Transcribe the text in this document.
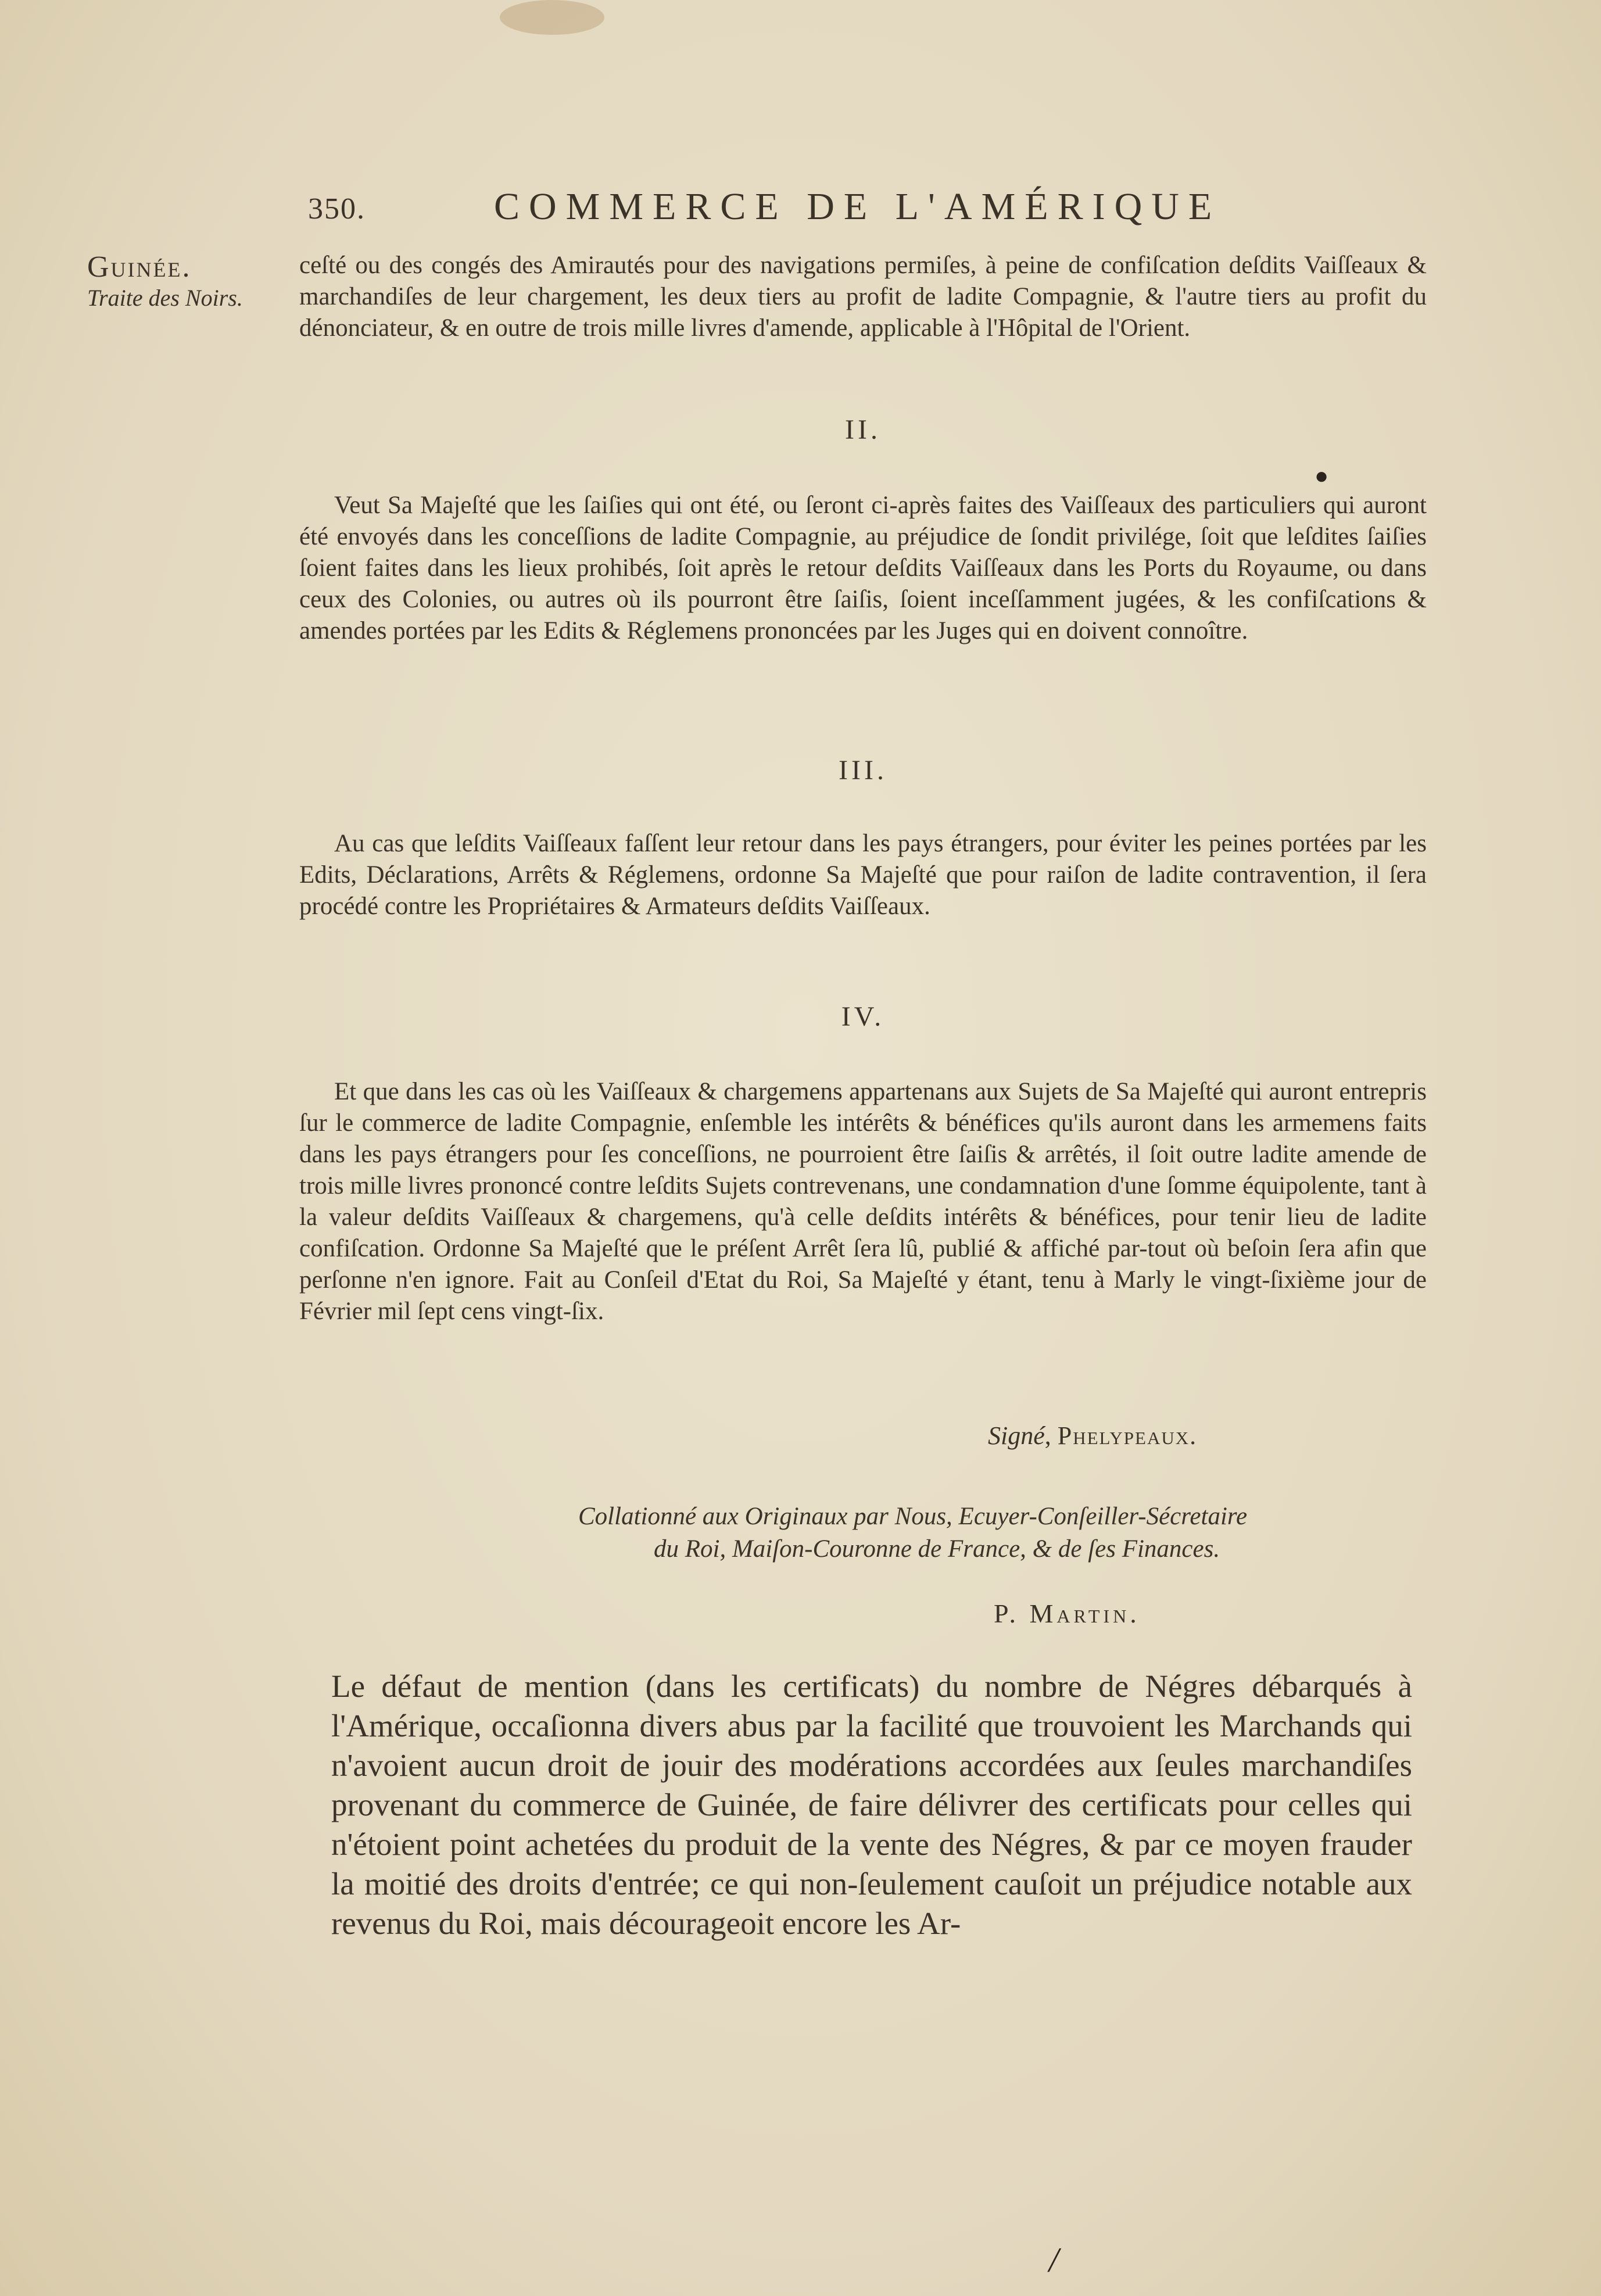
350.	COMMERCE DE L'AMÉRIQUE
Guinée.
Traite des Noirs.
ceſté ou des congés des Amirautés pour des navigations permiſes, à peine de confiſcation deſdits Vaiſſeaux & marchandiſes de leur chargement, les deux tiers au profit de ladite Compagnie, & l'autre tiers au profit du dénonciateur, & en outre de trois mille livres d'amende, applicable à l'Hôpital de l'Orient.
II.
●
Veut Sa Majeſté que les ſaiſies qui ont été, ou ſeront ci-après faites des Vaiſſeaux des particuliers qui auront été envoyés dans les conceſſions de ladite Compagnie, au préjudice de ſondit privilége, ſoit que leſdites ſaiſies ſoient faites dans les lieux prohibés, ſoit après le retour deſdits Vaiſſeaux dans les Ports du Royaume, ou dans ceux des Colonies, ou autres où ils pourront être ſaiſis, ſoient inceſſamment jugées, & les confiſcations & amendes portées par les Edits & Réglemens prononcées par les Juges qui en doivent connoître.
III.
Au cas que leſdits Vaiſſeaux faſſent leur retour dans les pays étrangers, pour éviter les peines portées par les Edits, Déclarations, Arrêts & Réglemens, ordonne Sa Majeſté que pour raiſon de ladite contravention, il ſera procédé contre les Propriétaires & Armateurs deſdits Vaiſſeaux.
IV.
Et que dans les cas où les Vaiſſeaux & chargemens appartenans aux Sujets de Sa Majeſté qui auront entrepris ſur le commerce de ladite Compagnie, enſemble les intérêts & bénéfices qu'ils auront dans les armemens faits dans les pays étrangers pour ſes conceſſions, ne pourroient être ſaiſis & arrêtés, il ſoit outre ladite amende de trois mille livres prononcé contre leſdits Sujets contrevenans, une condamnation d'une ſomme équipolente, tant à la valeur deſdits Vaiſſeaux & chargemens, qu'à celle deſdits intérêts & bénéfices, pour tenir lieu de ladite confiſcation. Ordonne Sa Majeſté que le préſent Arrêt ſera lû, publié & affiché par-tout où beſoin ſera afin que perſonne n'en ignore. Fait au Conſeil d'Etat du Roi, Sa Majeſté y étant, tenu à Marly le vingt-ſixième jour de Février mil ſept cens vingt-ſix.
Signé, Phelypeaux.
Collationné aux Originaux par Nous, Ecuyer-Conſeiller-Sécretaire
du Roi, Maiſon-Couronne de France, & de ſes Finances.
P. Martin.
Le défaut de mention (dans les certificats) du nombre de Négres débarqués à l'Amérique, occaſionna divers abus par la facilité que trouvoient les Marchands qui n'avoient aucun droit de jouir des modérations accordées aux ſeules marchandiſes provenant du commerce de Guinée, de faire délivrer des certificats pour celles qui n'étoient point achetées du produit de la vente des Négres, & par ce moyen frauder la moitié des droits d'entrée; ce qui non-ſeulement cauſoit un préjudice notable aux revenus du Roi, mais décourageoit encore les Ar-
/
